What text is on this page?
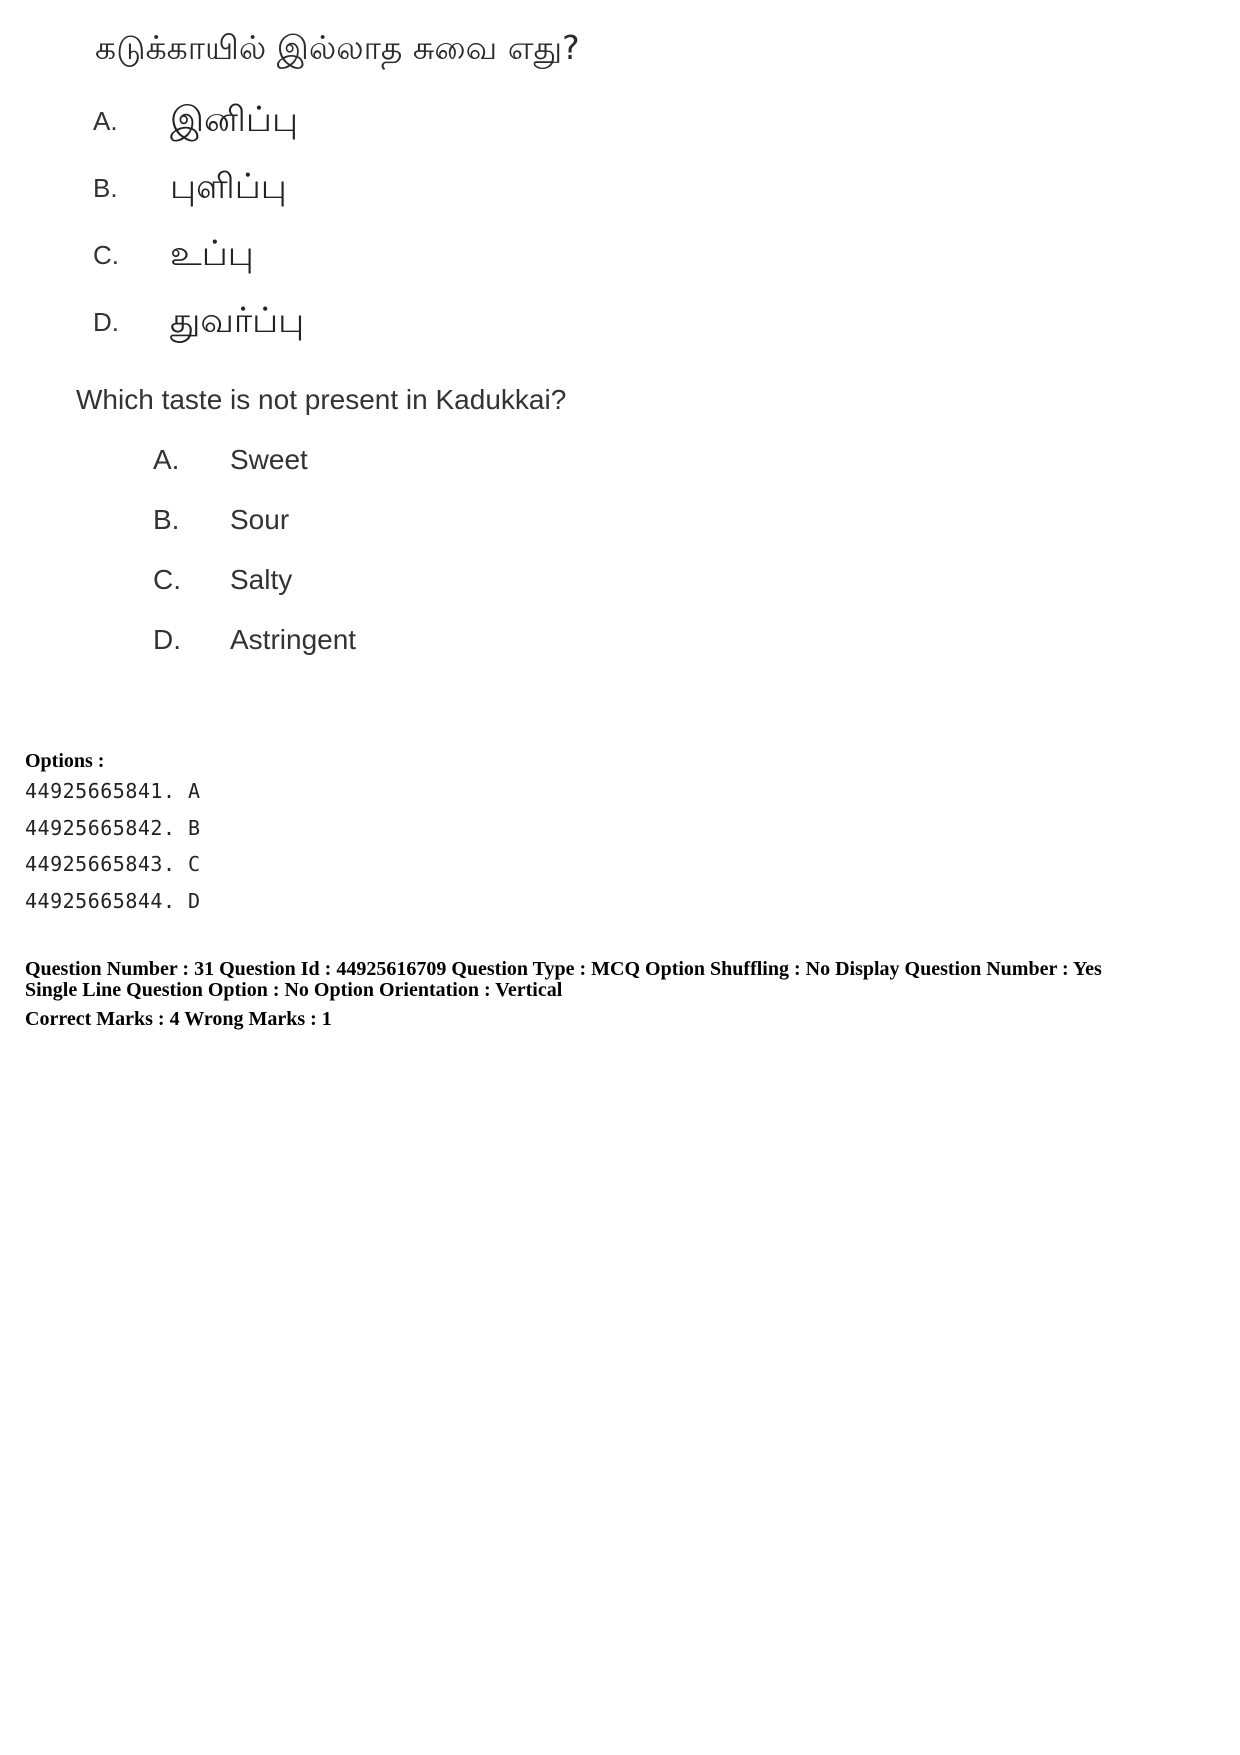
கடுக்காயில் இல்லாத சுவை எது?
A. இனிப்பு
B. புளிப்பு
C. உப்பு
D. துவர்ப்பு
Which taste is not present in Kadukkai?
A. Sweet
B. Sour
C. Salty
D. Astringent
Options :
44925665841. A
44925665842. B
44925665843. C
44925665844. D
Question Number : 31 Question Id : 44925616709 Question Type : MCQ Option Shuffling : No Display Question Number : Yes
Single Line Question Option : No Option Orientation : Vertical
Correct Marks : 4 Wrong Marks : 1
